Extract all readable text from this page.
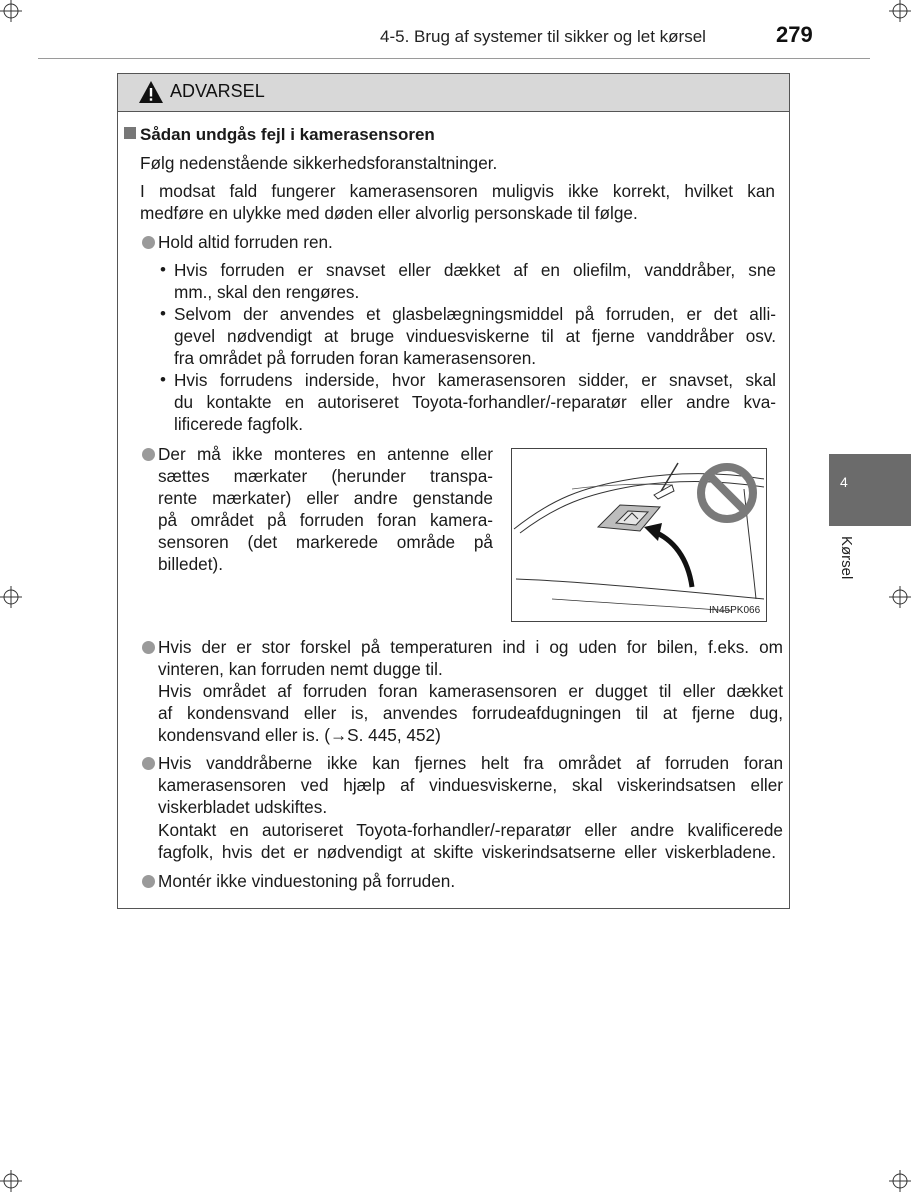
4-5. Brug af systemer til sikker og let kørsel	279
4
Kørsel
ADVARSEL
Sådan undgås fejl i kamerasensoren
Følg nedenstående sikkerhedsforanstaltninger.
I modsat fald fungerer kamerasensoren muligvis ikke korrekt, hvilket kan
medføre en ulykke med døden eller alvorlig personskade til følge.
Hold altid forruden ren.
• Hvis forruden er snavset eller dækket af en oliefilm, vanddråber, sne
mm., skal den rengøres.
• Selvom der anvendes et glasbelægningsmiddel på forruden, er det alli-
gevel nødvendigt at bruge vinduesviskerne til at fjerne vanddråber osv.
fra området på forruden foran kamerasensoren.
• Hvis forrudens inderside, hvor kamerasensoren sidder, er snavset, skal
du kontakte en autoriseret Toyota-forhandler/-reparatør eller andre kva-
lificerede fagfolk.
Der må ikke monteres en antenne eller
sættes mærkater (herunder transpa-
rente mærkater) eller andre genstande
på området på forruden foran kamera-
sensoren (det markerede område på
billedet).
IN45PK066
Hvis der er stor forskel på temperaturen ind i og uden for bilen, f.eks. om
vinteren, kan forruden nemt dugge til.
Hvis området af forruden foran kamerasensoren er dugget til eller dækket
af kondensvand eller is, anvendes forrudeafdugningen til at fjerne dug,
kondensvand eller is. (→S. 445, 452)
Hvis vanddråberne ikke kan fjernes helt fra området af forruden foran
kamerasensoren ved hjælp af vinduesviskerne, skal viskerindsatsen eller
viskerbladet udskiftes.
Kontakt en autoriseret Toyota-forhandler/-reparatør eller andre kvalificerede
fagfolk, hvis det er nødvendigt at skifte viskerindsatserne eller viskerbladene.
Montér ikke vinduestoning på forruden.
